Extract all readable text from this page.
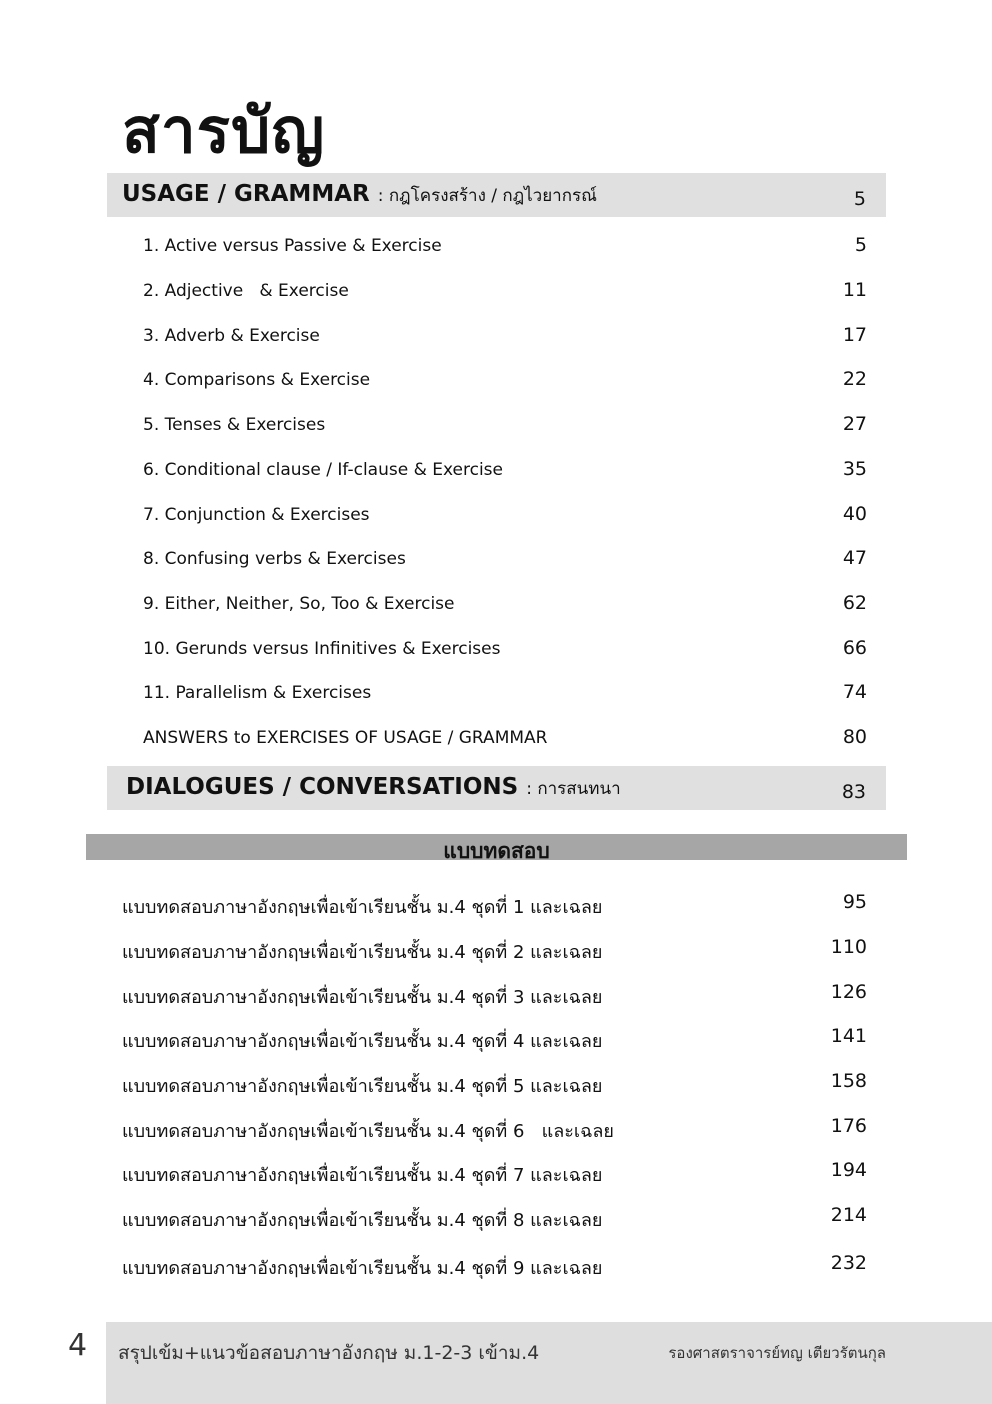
สารบัญ
USAGE / GRAMMAR : กฎโครงสร้าง / กฎไวยากรณ์	5
1. Active versus Passive & Exercise	5
2. Adjective   & Exercise	11
3. Adverb & Exercise	17
4. Comparisons & Exercise	22
5. Tenses & Exercises	27
6. Conditional clause / If-clause & Exercise	35
7. Conjunction & Exercises	40
8. Confusing verbs & Exercises	47
9. Either, Neither, So, Too & Exercise	62
10. Gerunds versus Infinitives & Exercises	66
11. Parallelism & Exercises	74
ANSWERS to EXERCISES OF USAGE / GRAMMAR	80
DIALOGUES / CONVERSATIONS : การสนทนา	83
แบบทดสอบ
แบบทดสอบภาษาอังกฤษเพื่อเข้าเรียนชั้น ม.4 ชุดที่ 1 และเฉลย	95
แบบทดสอบภาษาอังกฤษเพื่อเข้าเรียนชั้น ม.4 ชุดที่ 2 และเฉลย	110
แบบทดสอบภาษาอังกฤษเพื่อเข้าเรียนชั้น ม.4 ชุดที่ 3 และเฉลย	126
แบบทดสอบภาษาอังกฤษเพื่อเข้าเรียนชั้น ม.4 ชุดที่ 4 และเฉลย	141
แบบทดสอบภาษาอังกฤษเพื่อเข้าเรียนชั้น ม.4 ชุดที่ 5 และเฉลย	158
แบบทดสอบภาษาอังกฤษเพื่อเข้าเรียนชั้น ม.4 ชุดที่ 6   และเฉลย	176
แบบทดสอบภาษาอังกฤษเพื่อเข้าเรียนชั้น ม.4 ชุดที่ 7 และเฉลย	194
แบบทดสอบภาษาอังกฤษเพื่อเข้าเรียนชั้น ม.4 ชุดที่ 8 และเฉลย	214
แบบทดสอบภาษาอังกฤษเพื่อเข้าเรียนชั้น ม.4 ชุดที่ 9 และเฉลย	232
4 สรุปเข้ม+แนวข้อสอบภาษาอังกฤษ ม.1-2-3 เข้าม.4	รองศาสตราจารย์ทญ เตียวรัตนกุล
